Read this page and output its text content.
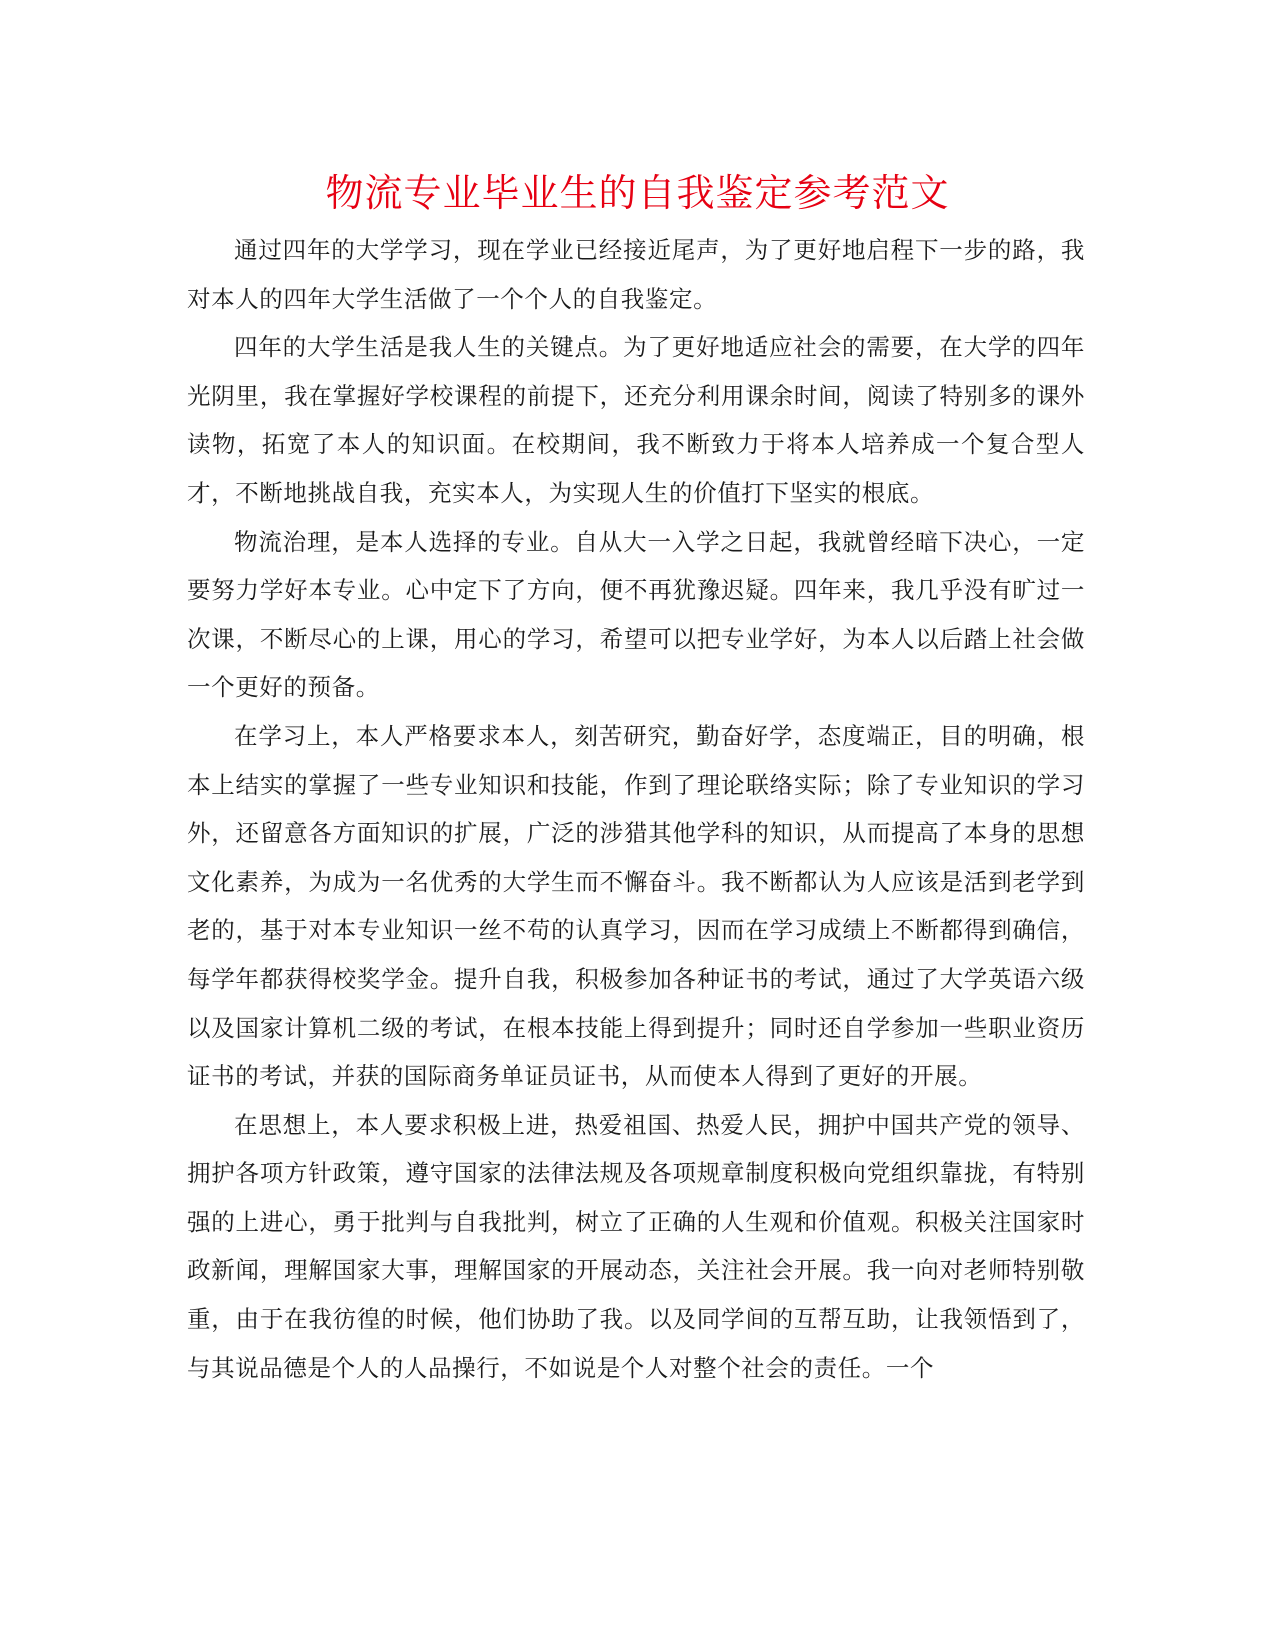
物流专业毕业生的自我鉴定参考范文

通过四年的大学学习，现在学业已经接近尾声，为了更好地启程下一步的路，我对本人的四年大学生活做了一个个人的自我鉴定。

四年的大学生活是我人生的关键点。为了更好地适应社会的需要，在大学的四年光阴里，我在掌握好学校课程的前提下，还充分利用课余时间，阅读了特别多的课外读物，拓宽了本人的知识面。在校期间，我不断致力于将本人培养成一个复合型人才，不断地挑战自我，充实本人，为实现人生的价值打下坚实的根底。

物流治理，是本人选择的专业。自从大一入学之日起，我就曾经暗下决心，一定要努力学好本专业。心中定下了方向，便不再犹豫迟疑。四年来，我几乎没有旷过一次课，不断尽心的上课，用心的学习，希望可以把专业学好，为本人以后踏上社会做一个更好的预备。

在学习上，本人严格要求本人，刻苦研究，勤奋好学，态度端正，目的明确，根本上结实的掌握了一些专业知识和技能，作到了理论联络实际；除了专业知识的学习外，还留意各方面知识的扩展，广泛的涉猎其他学科的知识，从而提高了本身的思想文化素养，为成为一名优秀的大学生而不懈奋斗。我不断都认为人应该是活到老学到老的，基于对本专业知识一丝不苟的认真学习，因而在学习成绩上不断都得到确信，每学年都获得校奖学金。提升自我，积极参加各种证书的考试，通过了大学英语六级以及国家计算机二级的考试，在根本技能上得到提升；同时还自学参加一些职业资历证书的考试，并获的国际商务单证员证书，从而使本人得到了更好的开展。

在思想上，本人要求积极上进，热爱祖国、热爱人民，拥护中国共产党的领导、拥护各项方针政策，遵守国家的法律法规及各项规章制度积极向党组织靠拢，有特别强的上进心，勇于批判与自我批判，树立了正确的人生观和价值观。积极关注国家时政新闻，理解国家大事，理解国家的开展动态，关注社会开展。我一向对老师特别敬重，由于在我彷徨的时候，他们协助了我。以及同学间的互帮互助，让我领悟到了，与其说品德是个人的人品操行，不如说是个人对整个社会的责任。一个
